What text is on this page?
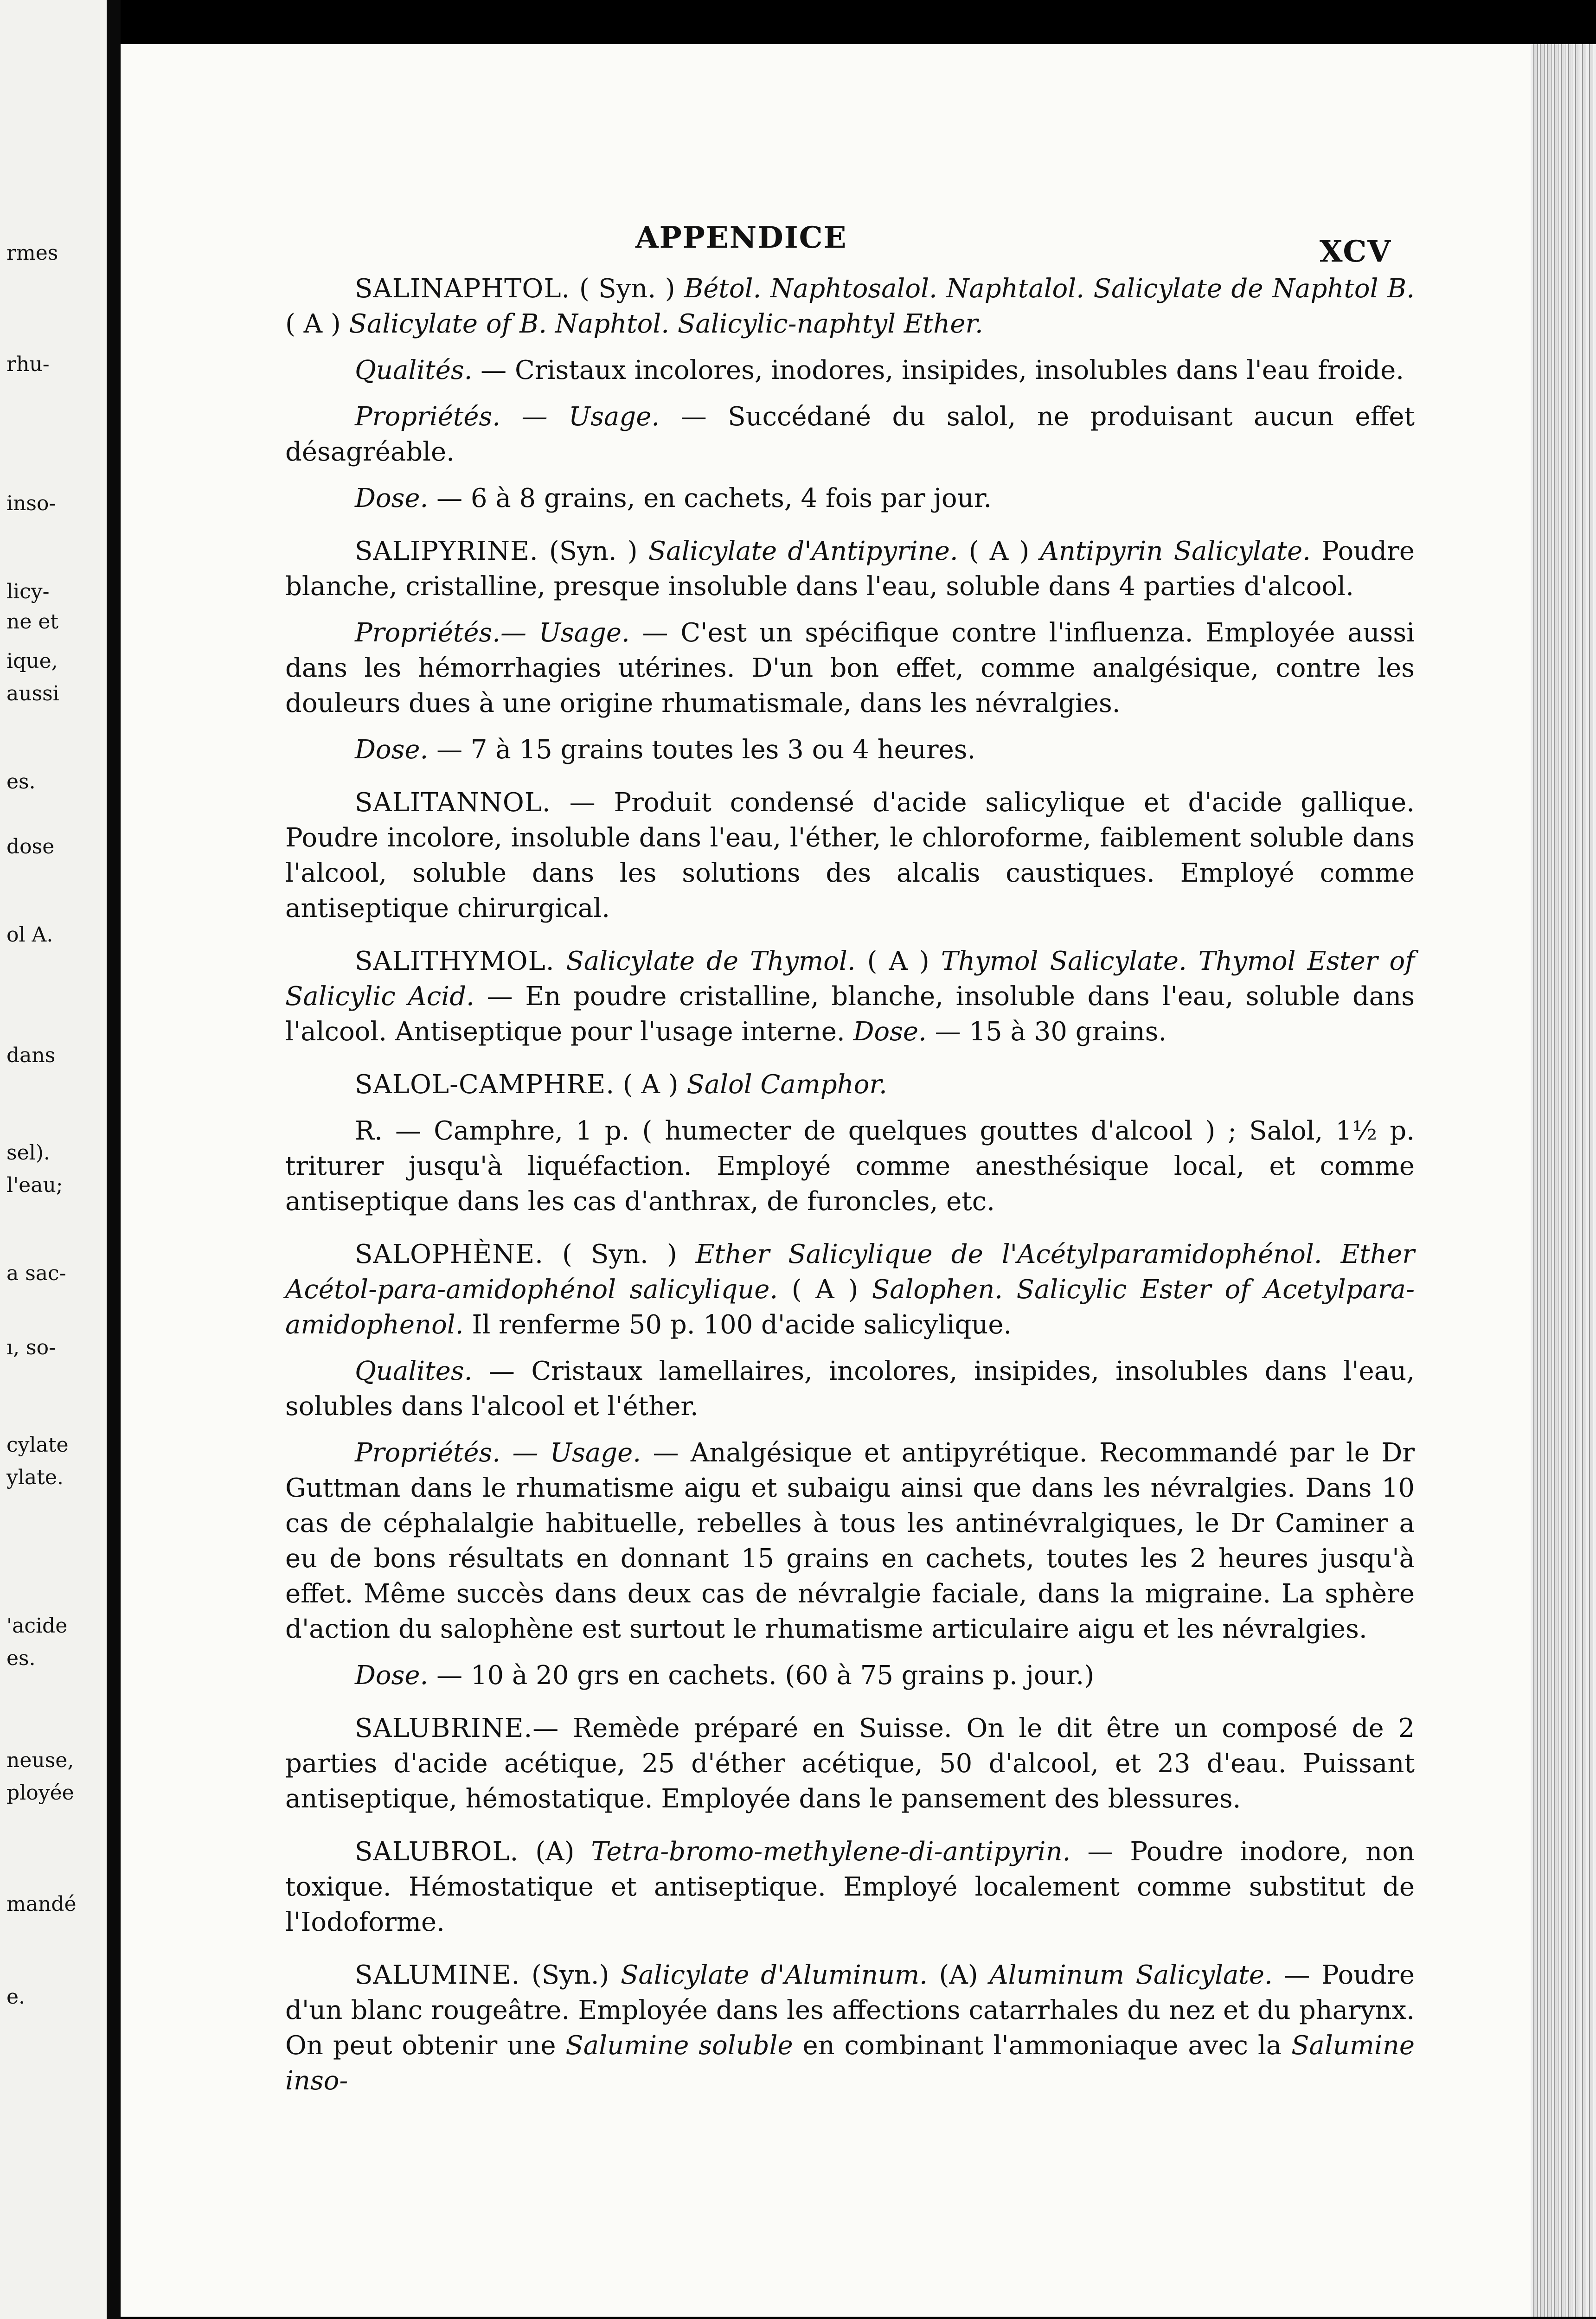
rmes
rhu-
inso-
licy-
ne et
ique,
aussi
es.
dose
ol A.
dans
sel).
l'eau;
a sac-
ı, so-
cylate
ylate.
'acide
es.
neuse,
ployée
mandé
e.
APPENDICE	XCV

SALINAPHTOL. ( Syn. ) Bétol. Naphtosalol. Naphtalol. Salicylate de Naphtol B. ( A ) Salicylate of B. Naphtol. Salicylic-naphtyl Ether.

Qualités. — Cristaux incolores, inodores, insipides, insolubles dans l'eau froide.

Propriétés. — Usage. — Succédané du salol, ne produisant aucun effet désagréable.

Dose. — 6 à 8 grains, en cachets, 4 fois par jour.

SALIPYRINE. (Syn. ) Salicylate d'Antipyrine. ( A ) Antipyrin Salicylate. Poudre blanche, cristalline, presque insoluble dans l'eau, soluble dans 4 parties d'alcool.

Propriétés.— Usage. — C'est un spécifique contre l'influenza. Employée aussi dans les hémorrhagies utérines. D'un bon effet, comme analgésique, contre les douleurs dues à une origine rhumatismale, dans les névralgies.

Dose. — 7 à 15 grains toutes les 3 ou 4 heures.

SALITANNOL. — Produit condensé d'acide salicylique et d'acide gallique. Poudre incolore, insoluble dans l'eau, l'éther, le chloroforme, faiblement soluble dans l'alcool, soluble dans les solutions des alcalis caustiques. Employé comme antiseptique chirurgical.

SALITHYMOL. Salicylate de Thymol. ( A ) Thymol Salicylate. Thymol Ester of Salicylic Acid. — En poudre cristalline, blanche, insoluble dans l'eau, soluble dans l'alcool. Antiseptique pour l'usage interne. Dose. — 15 à 30 grains.

SALOL-CAMPHRE. ( A ) Salol Camphor.

R. — Camphre, 1 p. ( humecter de quelques gouttes d'alcool ) ; Salol, 1½ p. triturer jusqu'à liquéfaction. Employé comme anesthésique local, et comme antiseptique dans les cas d'anthrax, de furoncles, etc.

SALOPHÈNE. ( Syn. ) Ether Salicylique de l'Acétylparamidophénol. Ether Acétol-para-amidophénol salicylique. ( A ) Salophen. Salicylic Ester of Acetylpara-amidophenol. Il renferme 50 p. 100 d'acide salicylique.

Qualites. — Cristaux lamellaires, incolores, insipides, insolubles dans l'eau, solubles dans l'alcool et l'éther.

Propriétés. — Usage. — Analgésique et antipyrétique. Recommandé par le Dr Guttman dans le rhumatisme aigu et subaigu ainsi que dans les névralgies. Dans 10 cas de céphalalgie habituelle, rebelles à tous les antinévralgiques, le Dr Caminer a eu de bons résultats en donnant 15 grains en cachets, toutes les 2 heures jusqu'à effet. Même succès dans deux cas de névralgie faciale, dans la migraine. La sphère d'action du salophène est surtout le rhumatisme articulaire aigu et les névralgies.

Dose. — 10 à 20 grs en cachets. (60 à 75 grains p. jour.)

SALUBRINE.— Remède préparé en Suisse. On le dit être un composé de 2 parties d'acide acétique, 25 d'éther acétique, 50 d'alcool, et 23 d'eau. Puissant antiseptique, hémostatique. Employée dans le pansement des blessures.

SALUBROL. (A) Tetra-bromo-methylene-di-antipyrin. — Poudre inodore, non toxique. Hémostatique et antiseptique. Employé localement comme substitut de l'Iodoforme.

SALUMINE. (Syn.) Salicylate d'Aluminum. (A) Aluminum Salicylate. — Poudre d'un blanc rougeâtre. Employée dans les affections catarrhales du nez et du pharynx. On peut obtenir une Salumine soluble en combinant l'ammoniaque avec la Salumine inso-
